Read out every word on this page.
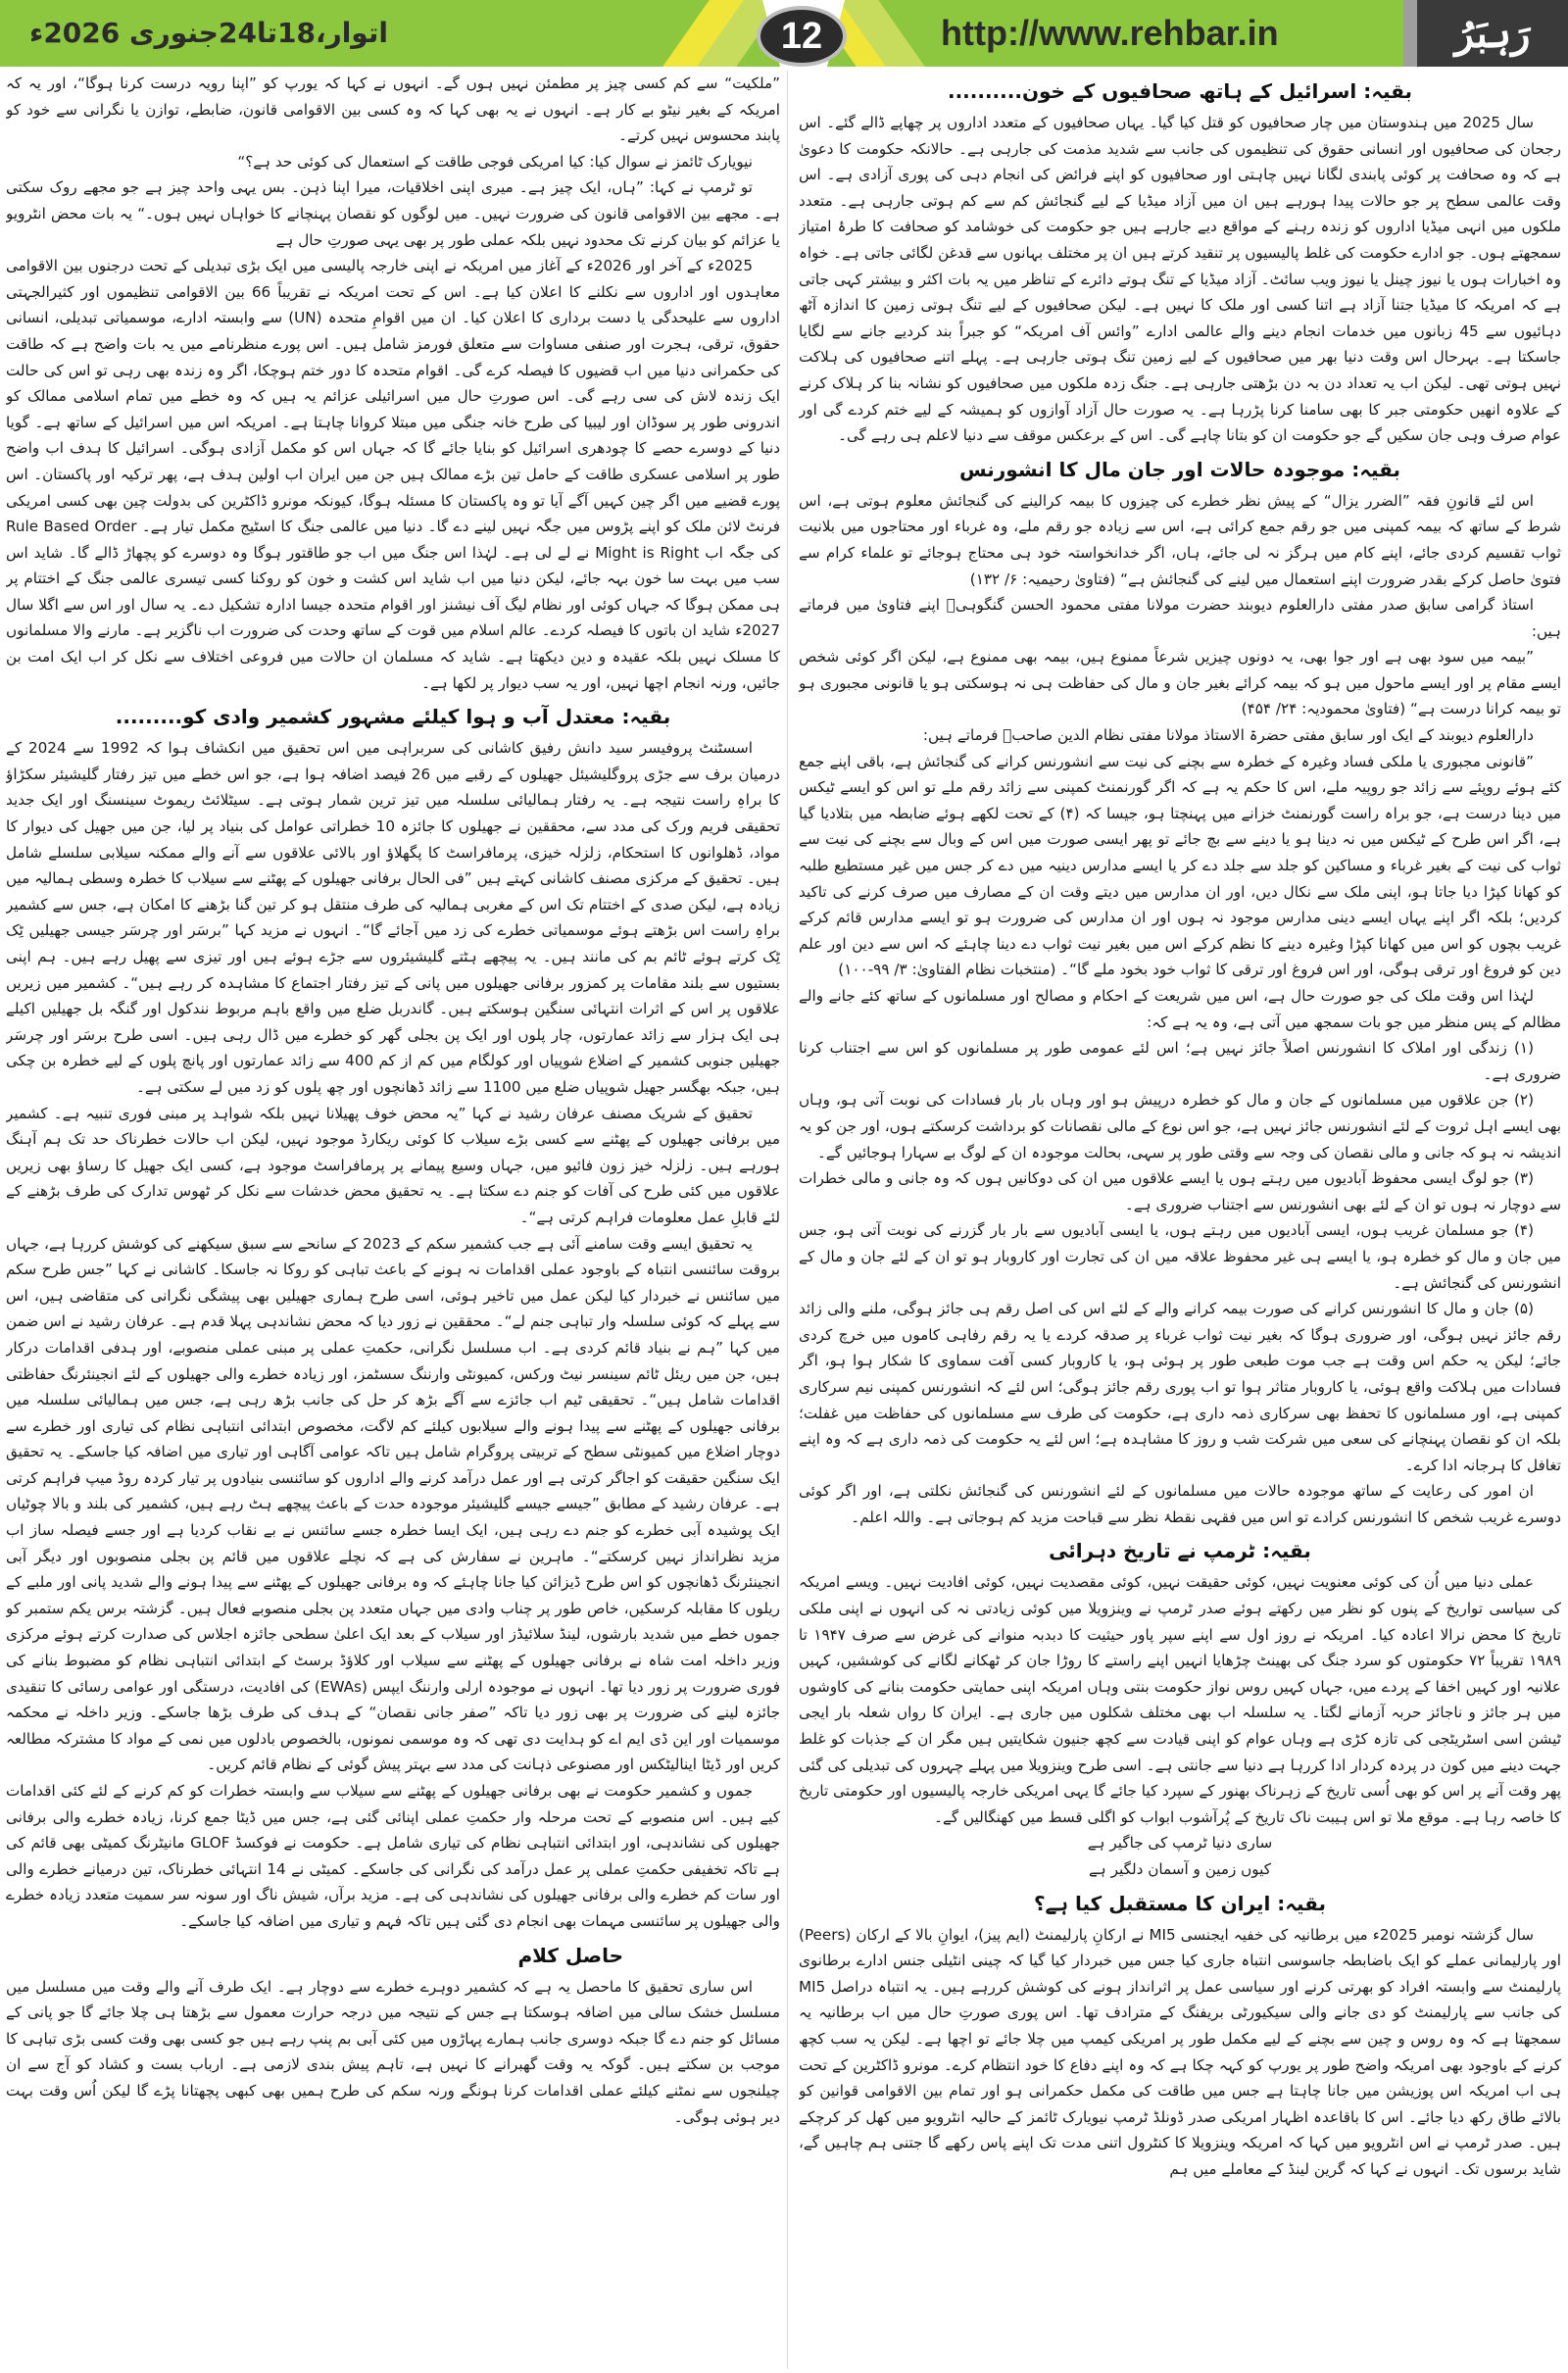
اتوار،18تا24جنوری 2026ء	12	http://www.rehbar.in	رَہبَرُ
بقیہ: اسرائیل کے ہاتھ صحافیوں کے خون..........

سال 2025 میں ہندوستان میں چار صحافیوں کو قتل کیا گیا۔ یہاں صحافیوں کے متعدد اداروں پر چھاپے ڈالے گئے۔ اس رجحان کی صحافیوں اور انسانی حقوق کی تنظیموں کی جانب سے شدید مذمت کی جارہی ہے۔ حالانکہ حکومت کا دعویٰ ہے کہ وہ صحافت پر کوئی پابندی لگانا نہیں چاہتی اور صحافیوں کو اپنے فرائض کی انجام دہی کی پوری آزادی ہے۔ اس وقت عالمی سطح پر جو حالات پیدا ہورہے ہیں ان میں آزاد میڈیا کے لیے گنجائش کم سے کم ہوتی جارہی ہے۔ متعدد ملکوں میں انہی میڈیا اداروں کو زندہ رہنے کے مواقع دیے جارہے ہیں جو حکومت کی خوشامد کو صحافت کا طرۂ امتیاز سمجھتے ہوں۔ جو ادارے حکومت کی غلط پالیسیوں پر تنقید کرتے ہیں ان پر مختلف بہانوں سے قدغن لگائی جاتی ہے۔ خواہ وہ اخبارات ہوں یا نیوز چینل یا نیوز ویب سائٹ۔ آزاد میڈیا کے تنگ ہوتے دائرے کے تناظر میں یہ بات اکثر و بیشتر کہی جاتی ہے کہ امریکہ کا میڈیا جتنا آزاد ہے اتنا کسی اور ملک کا نہیں ہے۔ لیکن صحافیوں کے لیے تنگ ہوتی زمین کا اندازہ آٹھ دہائیوں سے 45 زبانوں میں خدمات انجام دینے والے عالمی ادارے ”وائس آف امریکہ“ کو جبراً بند کردیے جانے سے لگایا جاسکتا ہے۔ بہرحال اس وقت دنیا بھر میں صحافیوں کے لیے زمین تنگ ہوتی جارہی ہے۔ پہلے اتنے صحافیوں کی ہلاکت نہیں ہوتی تھی۔ لیکن اب یہ تعداد دن بہ دن بڑھتی جارہی ہے۔ جنگ زدہ ملکوں میں صحافیوں کو نشانہ بنا کر ہلاک کرنے کے علاوہ انھیں حکومتی جبر کا بھی سامنا کرنا پڑرہا ہے۔ یہ صورت حال آزاد آوازوں کو ہمیشہ کے لیے ختم کردے گی اور عوام صرف وہی جان سکیں گے جو حکومت ان کو بتانا چاہے گی۔ اس کے برعکس موقف سے دنیا لاعلم ہی رہے گی۔

بقیہ: موجودہ حالات اور جان مال کا انشورنس

اس لئے قانونِ فقہ ”الضرر یزال“ کے پیش نظر خطرے کی چیزوں کا بیمہ کرالینے کی گنجائش معلوم ہوتی ہے، اس شرط کے ساتھ کہ بیمہ کمپنی میں جو رقم جمع کرائی ہے، اس سے زیادہ جو رقم ملے، وہ غرباء اور محتاجوں میں بلانیت ثواب تقسیم کردی جائے، اپنے کام میں ہرگز نہ لی جائے، ہاں، اگر خدانخواستہ خود ہی محتاج ہوجائے تو علماء کرام سے فتویٰ حاصل کرکے بقدر ضرورت اپنے استعمال میں لینے کی گنجائش ہے“ (فتاویٰ رحیمیہ: ۶/ ۱۳۲)

استاذ گرامی سابق صدر مفتی دارالعلوم دیوبند حضرت مولانا مفتی محمود الحسن گنگوہیؒ اپنے فتاویٰ میں فرماتے ہیں:

”بیمہ میں سود بھی ہے اور جوا بھی، یہ دونوں چیزیں شرعاً ممنوع ہیں، بیمہ بھی ممنوع ہے، لیکن اگر کوئی شخص ایسے مقام پر اور ایسے ماحول میں ہو کہ بیمہ کرائے بغیر جان و مال کی حفاظت ہی نہ ہوسکتی ہو یا قانونی مجبوری ہو تو بیمہ کرانا درست ہے“ (فتاویٰ محمودیہ: ۲۴/ ۴۵۴)

دارالعلوم دیوبند کے ایک اور سابق مفتی حضرۃ الاستاذ مولانا مفتی نظام الدین صاحبؒ فرماتے ہیں:

”قانونی مجبوری یا ملکی فساد وغیرہ کے خطرہ سے بچنے کی نیت سے انشورنس کرانے کی گنجائش ہے، باقی اپنے جمع کئے ہوئے روپئے سے زائد جو روپیہ ملے، اس کا حکم یہ ہے کہ اگر گورنمنٹ کمپنی سے زائد رقم ملے تو اس کو ایسے ٹیکس میں دینا درست ہے، جو براہ راست گورنمنٹ خزانے میں پہنچتا ہو، جیسا کہ (۴) کے تحت لکھے ہوئے ضابطہ میں بتلادیا گیا ہے، اگر اس طرح کے ٹیکس میں نہ دینا ہو یا دینے سے بچ جائے تو پھر ایسی صورت میں اس کے وبال سے بچنے کی نیت سے ثواب کی نیت کے بغیر غرباء و مساکین کو جلد سے جلد دے کر یا ایسے مدارس دینیہ میں دے کر جس میں غیر مستطیع طلبہ کو کھانا کپڑا دیا جاتا ہو، اپنی ملک سے نکال دیں، اور ان مدارس میں دیتے وقت ان کے مصارف میں صرف کرنے کی تاکید کردیں؛ بلکہ اگر اپنے یہاں ایسے دینی مدارس موجود نہ ہوں اور ان مدارس کی ضرورت ہو تو ایسے مدارس قائم کرکے غریب بچوں کو اس میں کھانا کپڑا وغیرہ دینے کا نظم کرکے اس میں بغیر نیت ثواب دے دینا چاہئے کہ اس سے دین اور علم دین کو فروغ اور ترقی ہوگی، اور اس فروغ اور ترقی کا ثواب خود بخود ملے گا“۔ (منتخبات نظام الفتاویٰ: ۳/ ۹۹-۱۰۰)

لہٰذا اس وقت ملک کی جو صورت حال ہے، اس میں شریعت کے احکام و مصالح اور مسلمانوں کے ساتھ کئے جانے والے مظالم کے پس منظر میں جو بات سمجھ میں آتی ہے، وہ یہ ہے کہ:

(۱) زندگی اور املاک کا انشورنس اصلاً جائز نہیں ہے؛ اس لئے عمومی طور پر مسلمانوں کو اس سے اجتناب کرنا ضروری ہے۔

(۲) جن علاقوں میں مسلمانوں کے جان و مال کو خطرہ درپیش ہو اور وہاں بار بار فسادات کی نوبت آتی ہو، وہاں بھی ایسے اہل ثروت کے لئے انشورنس جائز نہیں ہے، جو اس نوع کے مالی نقصانات کو برداشت کرسکتے ہوں، اور جن کو یہ اندیشہ نہ ہو کہ جانی و مالی نقصان کی وجہ سے وقتی طور پر سہی، بحالت موجودہ ان کے لوگ بے سہارا ہوجائیں گے۔

(۳) جو لوگ ایسی محفوظ آبادیوں میں رہتے ہوں یا ایسے علاقوں میں ان کی دوکانیں ہوں کہ وہ جانی و مالی خطرات سے دوچار نہ ہوں تو ان کے لئے بھی انشورنس سے اجتناب ضروری ہے۔

(۴) جو مسلمان غریب ہوں، ایسی آبادیوں میں رہتے ہوں، یا ایسی آبادیوں سے بار بار گزرنے کی نوبت آتی ہو، جس میں جان و مال کو خطرہ ہو، یا ایسے ہی غیر محفوظ علاقہ میں ان کی تجارت اور کاروبار ہو تو ان کے لئے جان و مال کے انشورنس کی گنجائش ہے۔

(۵) جان و مال کا انشورنس کرانے کی صورت بیمہ کرانے والے کے لئے اس کی اصل رقم ہی جائز ہوگی، ملنے والی زائد رقم جائز نہیں ہوگی، اور ضروری ہوگا کہ بغیر نیت ثواب غرباء پر صدقہ کردے یا یہ رقم رفاہی کاموں میں خرچ کردی جائے؛ لیکن یہ حکم اس وقت ہے جب موت طبعی طور پر ہوئی ہو، یا کاروبار کسی آفت سماوی کا شکار ہوا ہو، اگر فسادات میں ہلاکت واقع ہوئی، یا کاروبار متاثر ہوا تو اب پوری رقم جائز ہوگی؛ اس لئے کہ انشورنس کمپنی نیم سرکاری کمپنی ہے، اور مسلمانوں کا تحفظ بھی سرکاری ذمہ داری ہے، حکومت کی طرف سے مسلمانوں کی حفاظت میں غفلت؛ بلکہ ان کو نقصان پہنچانے کی سعی میں شرکت شب و روز کا مشاہدہ ہے؛ اس لئے یہ حکومت کی ذمہ داری ہے کہ وہ اپنے تغافل کا ہرجانہ ادا کرے۔

ان امور کی رعایت کے ساتھ موجودہ حالات میں مسلمانوں کے لئے انشورنس کی گنجائش نکلتی ہے، اور اگر کوئی دوسرے غریب شخص کا انشورنس کرادے تو اس میں فقہی نقطۂ نظر سے قباحت مزید کم ہوجاتی ہے۔ واللہ اعلم۔

بقیہ: ٹرمپ نے تاریخ دہرائی

عملی دنیا میں اُن کی کوئی معنویت نہیں، کوئی حقیقت نہیں، کوئی مقصدیت نہیں، کوئی افادیت نہیں۔ ویسے امریکہ کی سیاسی تواریخ کے پنوں کو نظر میں رکھتے ہوئے صدر ٹرمپ نے وینزویلا میں کوئی زیادتی نہ کی انہوں نے اپنی ملکی تاریخ کا محض نرالا اعادہ کیا۔ امریکہ نے روز اول سے اپنے سپر پاور حیثیت کا دبدبہ منوانے کی غرض سے صرف ۱۹۴۷ تا ۱۹۸۹ تقریباً ۷۲ حکومتوں کو سرد جنگ کی بھینٹ چڑھایا انہیں اپنے راستے کا روڑا جان کر ٹھکانے لگانے کی کوششیں، کہیں علانیہ اور کہیں اخفا کے پردے میں، جہاں کہیں روس نواز حکومت بنتی وہاں امریکہ اپنی حمایتی حکومت بنانے کی کاوشوں میں ہر جائز و ناجائز حربہ آزمانے لگتا۔ یہ سلسلہ اب بھی مختلف شکلوں میں جاری ہے۔ ایران کا رواں شعلہ بار ایجی ٹیشن اسی اسٹریٹجی کی تازہ کڑی ہے وہاں عوام کو اپنی قیادت سے کچھ جنیون شکایتیں ہیں مگر ان کے جذبات کو غلط جہت دینے میں کون در پردہ کردار ادا کررہا ہے دنیا سے جانتی ہے۔ اسی طرح وینزویلا میں پہلے چہروں کی تبدیلی کی گئی پھر وقت آنے پر اس کو بھی اُسی تاریخ کے زہرناک بھنور کے سپرد کیا جائے گا یہی امریکی خارجہ پالیسیوں اور حکومتی تاریخ کا خاصہ رہا ہے۔ موقع ملا تو اس ہیبت ناک تاریخ کے پُرآشوب ابواب کو اگلی قسط میں کھنگالیں گے۔

ساری دنیا ٹرمپ کی جاگیر ہے

کیوں زمین و آسمان دلگیر ہے

بقیہ: ایران کا مستقبل کیا ہے؟

سال گزشتہ نومبر 2025ء میں برطانیہ کی خفیہ ایجنسی MI5 نے ارکانِ پارلیمنٹ (ایم پیز)، ایوانِ بالا کے ارکان (Peers) اور پارلیمانی عملے کو ایک باضابطہ جاسوسی انتباہ جاری کیا جس میں خبردار کیا گیا کہ چینی انٹیلی جنس ادارے برطانوی پارلیمنٹ سے وابستہ افراد کو بھرتی کرنے اور سیاسی عمل پر اثرانداز ہونے کی کوشش کررہے ہیں۔ یہ انتباہ دراصل MI5 کی جانب سے پارلیمنٹ کو دی جانے والی سیکیورٹی بریفنگ کے مترادف تھا۔ اس پوری صورتِ حال میں اب برطانیہ یہ سمجھتا ہے کہ وہ روس و چین سے بچنے کے لیے مکمل طور پر امریکی کیمپ میں چلا جائے تو اچھا ہے۔ لیکن یہ سب کچھ کرنے کے باوجود بھی امریکہ واضح طور پر یورپ کو کہہ چکا ہے کہ وہ اپنے دفاع کا خود انتظام کرے۔ مونرو ڈاکٹرین کے تحت ہی اب امریکہ اس پوزیشن میں جانا چاہتا ہے جس میں طاقت کی مکمل حکمرانی ہو اور تمام بین الاقوامی قوانین کو بالائے طاق رکھ دیا جائے۔ اس کا باقاعدہ اظہار امریکی صدر ڈونلڈ ٹرمپ نیویارک ٹائمز کے حالیہ انٹرویو میں کھل کر کرچکے ہیں۔ صدر ٹرمپ نے اس انٹرویو میں کہا کہ امریکہ وینزویلا کا کنٹرول اتنی مدت تک اپنے پاس رکھے گا جتنی ہم چاہیں گے، شاید برسوں تک۔ انہوں نے کہا کہ گرین لینڈ کے معاملے میں ہم

”ملکیت“ سے کم کسی چیز پر مطمئن نہیں ہوں گے۔ انہوں نے کہا کہ یورپ کو ”اپنا رویہ درست کرنا ہوگا“، اور یہ کہ امریکہ کے بغیر نیٹو بے کار ہے۔ انہوں نے یہ بھی کہا کہ وہ کسی بین الاقوامی قانون، ضابطے، توازن یا نگرانی سے خود کو پابند محسوس نہیں کرتے۔

نیویارک ٹائمز نے سوال کیا: کیا امریکی فوجی طاقت کے استعمال کی کوئی حد ہے؟“

تو ٹرمپ نے کہا: ”ہاں، ایک چیز ہے۔ میری اپنی اخلاقیات، میرا اپنا ذہن۔ بس یہی واحد چیز ہے جو مجھے روک سکتی ہے۔ مجھے بین الاقوامی قانون کی ضرورت نہیں۔ میں لوگوں کو نقصان پہنچانے کا خواہاں نہیں ہوں۔“ یہ بات محض انٹرویو یا عزائم کو بیان کرنے تک محدود نہیں بلکہ عملی طور پر بھی یہی صورتِ حال ہے

2025ء کے آخر اور 2026ء کے آغاز میں امریکہ نے اپنی خارجہ پالیسی میں ایک بڑی تبدیلی کے تحت درجنوں بین الاقوامی معاہدوں اور اداروں سے نکلنے کا اعلان کیا ہے۔ اس کے تحت امریکہ نے تقریباً 66 بین الاقوامی تنظیموں اور کثیرالجہتی اداروں سے علیحدگی یا دست برداری کا اعلان کیا۔ ان میں اقوامِ متحدہ (UN) سے وابستہ ادارے، موسمیاتی تبدیلی، انسانی حقوق، ترقی، ہجرت اور صنفی مساوات سے متعلق فورمز شامل ہیں۔ اس پورے منظرنامے میں یہ بات واضح ہے کہ طاقت کی حکمرانی دنیا میں اب قضیوں کا فیصلہ کرے گی۔ اقوام متحدہ کا دور ختم ہوچکا، اگر وہ زندہ بھی رہی تو اس کی حالت ایک زندہ لاش کی سی رہے گی۔ اس صورتِ حال میں اسرائیلی عزائم یہ ہیں کہ وہ خطے میں تمام اسلامی ممالک کو اندرونی طور پر سوڈان اور لیبیا کی طرح خانہ جنگی میں مبتلا کروانا چاہتا ہے۔ امریکہ اس میں اسرائیل کے ساتھ ہے۔ گویا دنیا کے دوسرے حصے کا چودھری اسرائیل کو بنایا جائے گا کہ جہاں اس کو مکمل آزادی ہوگی۔ اسرائیل کا ہدف اب واضح طور پر اسلامی عسکری طاقت کے حامل تین بڑے ممالک ہیں جن میں ایران اب اولین ہدف ہے، پھر ترکیہ اور پاکستان۔ اس پورے قضیے میں اگر چین کہیں آگے آیا تو وہ پاکستان کا مسئلہ ہوگا، کیونکہ مونرو ڈاکٹرین کی بدولت چین بھی کسی امریکی فرنٹ لائن ملک کو اپنے پڑوس میں جگہ نہیں لینے دے گا۔ دنیا میں عالمی جنگ کا اسٹیج مکمل تیار ہے۔ Rule Based Order کی جگہ اب Might is Right نے لے لی ہے۔ لہٰذا اس جنگ میں اب جو طاقتور ہوگا وہ دوسرے کو پچھاڑ ڈالے گا۔ شاید اس سب میں بہت سا خون بہہ جائے، لیکن دنیا میں اب شاید اس کشت و خون کو روکنا کسی تیسری عالمی جنگ کے اختتام پر ہی ممکن ہوگا کہ جہاں کوئی اور نظام لیگ آف نیشنز اور اقوام متحدہ جیسا ادارہ تشکیل دے۔ یہ سال اور اس سے اگلا سال 2027ء شاید ان باتوں کا فیصلہ کردے۔ عالم اسلام میں قوت کے ساتھ وحدت کی ضرورت اب ناگزیر ہے۔ مارنے والا مسلمانوں کا مسلک نہیں بلکہ عقیدہ و دین دیکھتا ہے۔ شاید کہ مسلمان ان حالات میں فروعی اختلاف سے نکل کر اب ایک امت بن جائیں، ورنہ انجام اچھا نہیں، اور یہ سب دیوار پر لکھا ہے۔

بقیہ: معتدل آب و ہوا کیلئے مشہور کشمیر وادی کو.........

اسسٹنٹ پروفیسر سید دانش رفیق کاشانی کی سربراہی میں اس تحقیق میں انکشاف ہوا کہ 1992 سے 2024 کے درمیان برف سے جڑی پروگلیشیئل جھیلوں کے رقبے میں 26 فیصد اضافہ ہوا ہے، جو اس خطے میں تیز رفتار گلیشیئر سکڑاؤ کا براہِ راست نتیجہ ہے۔ یہ رفتار ہمالیائی سلسلہ میں تیز ترین شمار ہوتی ہے۔ سیٹلائٹ ریموٹ سینسنگ اور ایک جدید تحقیقی فریم ورک کی مدد سے، محققین نے جھیلوں کا جائزہ 10 خطراتی عوامل کی بنیاد پر لیا، جن میں جھیل کی دیوار کا مواد، ڈھلوانوں کا استحکام، زلزلہ خیزی، پرمافراسٹ کا پگھلاؤ اور بالائی علاقوں سے آنے والے ممکنہ سیلابی سلسلے شامل ہیں۔ تحقیق کے مرکزی مصنف کاشانی کہتے ہیں ”فی الحال برفانی جھیلوں کے پھٹنے سے سیلاب کا خطرہ وسطی ہمالیہ میں زیادہ ہے، لیکن صدی کے اختتام تک اس کے مغربی ہمالیہ کی طرف منتقل ہو کر تین گنا بڑھنے کا امکان ہے، جس سے کشمیر براہِ راست اس بڑھتے ہوئے موسمیاتی خطرے کی زد میں آجائے گا“۔ انہوں نے مزید کہا ”برسَر اور چرسَر جیسی جھیلیں ٹِک ٹِک کرتے ہوئے ٹائم بم کی مانند ہیں۔ یہ پیچھے ہٹتے گلیشیئروں سے جڑے ہوئے ہیں اور تیزی سے پھیل رہے ہیں۔ ہم اپنی بستیوں سے بلند مقامات پر کمزور برفانی جھیلوں میں پانی کے تیز رفتار اجتماع کا مشاہدہ کر رہے ہیں“۔ کشمیر میں زیریں علاقوں پر اس کے اثرات انتہائی سنگین ہوسکتے ہیں۔ گاندربل ضلع میں واقع باہم مربوط نندکول اور گنگہ بل جھیلیں اکیلے ہی ایک ہزار سے زائد عمارتوں، چار پلوں اور ایک پن بجلی گھر کو خطرے میں ڈال رہی ہیں۔ اسی طرح برسَر اور چرسَر جھیلیں جنوبی کشمیر کے اضلاع شوپیاں اور کولگام میں کم از کم 400 سے زائد عمارتوں اور پانچ پلوں کے لیے خطرہ بن چکی ہیں، جبکہ بھگسر جھیل شوپیاں ضلع میں 1100 سے زائد ڈھانچوں اور چھ پلوں کو زد میں لے سکتی ہے۔

تحقیق کے شریک مصنف عرفان رشید نے کہا ”یہ محض خوف پھیلانا نہیں بلکہ شواہد پر مبنی فوری تنبیہ ہے۔ کشمیر میں برفانی جھیلوں کے پھٹنے سے کسی بڑے سیلاب کا کوئی ریکارڈ موجود نہیں، لیکن اب حالات خطرناک حد تک ہم آہنگ ہورہے ہیں۔ زلزلہ خیز زون فائیو میں، جہاں وسیع پیمانے پر پرمافراسٹ موجود ہے، کسی ایک جھیل کا رساؤ بھی زیریں علاقوں میں کئی طرح کی آفات کو جنم دے سکتا ہے۔ یہ تحقیق محض خدشات سے نکل کر ٹھوس تدارک کی طرف بڑھنے کے لئے قابلِ عمل معلومات فراہم کرتی ہے“۔

یہ تحقیق ایسے وقت سامنے آئی ہے جب کشمیر سکم کے 2023 کے سانحے سے سبق سیکھنے کی کوشش کررہا ہے، جہاں بروقت سائنسی انتباہ کے باوجود عملی اقدامات نہ ہونے کے باعث تباہی کو روکا نہ جاسکا۔ کاشانی نے کہا ”جس طرح سکم میں سائنس نے خبردار کیا لیکن عمل میں تاخیر ہوئی، اسی طرح ہماری جھیلیں بھی پیشگی نگرانی کی متقاضی ہیں، اس سے پہلے کہ کوئی سلسلہ وار تباہی جنم لے“۔ محققین نے زور دیا کہ محض نشاندہی پہلا قدم ہے۔ عرفان رشید نے اس ضمن میں کہا ”ہم نے بنیاد قائم کردی ہے۔ اب مسلسل نگرانی، حکمتِ عملی پر مبنی عملی منصوبے، اور ہدفی اقدامات درکار ہیں، جن میں ریئل ٹائم سینسر نیٹ ورکس، کمیونٹی وارننگ سسٹمز، اور زیادہ خطرے والی جھیلوں کے لئے انجینئرنگ حفاظتی اقدامات شامل ہیں“۔ تحقیقی ٹیم اب جائزے سے آگے بڑھ کر حل کی جانب بڑھ رہی ہے، جس میں ہمالیائی سلسلہ میں برفانی جھیلوں کے پھٹنے سے پیدا ہونے والے سیلابوں کیلئے کم لاگت، مخصوص ابتدائی انتباہی نظام کی تیاری اور خطرے سے دوچار اضلاع میں کمیونٹی سطح کے تربیتی پروگرام شامل ہیں تاکہ عوامی آگاہی اور تیاری میں اضافہ کیا جاسکے۔ یہ تحقیق ایک سنگین حقیقت کو اجاگر کرتی ہے اور عمل درآمد کرنے والے اداروں کو سائنسی بنیادوں پر تیار کردہ روڈ میپ فراہم کرتی ہے۔ عرفان رشید کے مطابق ”جیسے جیسے گلیشیئر موجودہ حدت کے باعث پیچھے ہٹ رہے ہیں، کشمیر کی بلند و بالا چوٹیاں ایک پوشیدہ آبی خطرے کو جنم دے رہی ہیں، ایک ایسا خطرہ جسے سائنس نے بے نقاب کردیا ہے اور جسے فیصلہ ساز اب مزید نظرانداز نہیں کرسکتے“۔ ماہرین نے سفارش کی ہے کہ نچلے علاقوں میں قائم پن بجلی منصوبوں اور دیگر آبی انجینئرنگ ڈھانچوں کو اس طرح ڈیزائن کیا جانا چاہئے کہ وہ برفانی جھیلوں کے پھٹنے سے پیدا ہونے والے شدید پانی اور ملبے کے ریلوں کا مقابلہ کرسکیں، خاص طور پر چناب وادی میں جہاں متعدد پن بجلی منصوبے فعال ہیں۔ گزشتہ برس یکم ستمبر کو جموں خطے میں شدید بارشوں، لینڈ سلائیڈز اور سیلاب کے بعد ایک اعلیٰ سطحی جائزہ اجلاس کی صدارت کرتے ہوئے مرکزی وزیر داخلہ امت شاہ نے برفانی جھیلوں کے پھٹنے سے سیلاب اور کلاؤڈ برسٹ کے ابتدائی انتباہی نظام کو مضبوط بنانے کی فوری ضرورت پر زور دیا تھا۔ انہوں نے موجودہ ارلی وارننگ ایپس (EWAs) کی افادیت، درستگی اور عوامی رسائی کا تنقیدی جائزہ لینے کی ضرورت پر بھی زور دیا تاکہ ”صفر جانی نقصان“ کے ہدف کی طرف بڑھا جاسکے۔ وزیر داخلہ نے محکمہ موسمیات اور این ڈی ایم اے کو ہدایت دی تھی کہ وہ موسمی نمونوں، بالخصوص بادلوں میں نمی کے مواد کا مشترکہ مطالعہ کریں اور ڈیٹا اینالیٹکس اور مصنوعی ذہانت کی مدد سے بہتر پیش گوئی کے نظام قائم کریں۔

جموں و کشمیر حکومت نے بھی برفانی جھیلوں کے پھٹنے سے سیلاب سے وابستہ خطرات کو کم کرنے کے لئے کئی اقدامات کیے ہیں۔ اس منصوبے کے تحت مرحلہ وار حکمتِ عملی اپنائی گئی ہے، جس میں ڈیٹا جمع کرنا، زیادہ خطرے والی برفانی جھیلوں کی نشاندہی، اور ابتدائی انتباہی نظام کی تیاری شامل ہے۔ حکومت نے فوکسڈ GLOF مانیٹرنگ کمیٹی بھی قائم کی ہے تاکہ تخفیفی حکمتِ عملی پر عمل درآمد کی نگرانی کی جاسکے۔ کمیٹی نے 14 انتہائی خطرناک، تین درمیانے خطرے والی اور سات کم خطرے والی برفانی جھیلوں کی نشاندہی کی ہے۔ مزید برآں، شیش ناگ اور سونہ سر سمیت متعدد زیادہ خطرے والی جھیلوں پر سائنسی مہمات بھی انجام دی گئی ہیں تاکہ فہم و تیاری میں اضافہ کیا جاسکے۔

حاصل کلام

اس ساری تحقیق کا ماحصل یہ ہے کہ کشمیر دوہرے خطرے سے دوچار ہے۔ ایک طرف آنے والے وقت میں مسلسل میں مسلسل خشک سالی میں اضافہ ہوسکتا ہے جس کے نتیجہ میں درجہ حرارت معمول سے بڑھتا ہی چلا جائے گا جو پانی کے مسائل کو جنم دے گا جبکہ دوسری جانب ہمارے پہاڑوں میں کئی آبی بم پنپ رہے ہیں جو کسی بھی وقت کسی بڑی تباہی کا موجب بن سکتے ہیں۔ گوکہ یہ وقت گھبرانے کا نہیں ہے، تاہم پیش بندی لازمی ہے۔ ارباب بست و کشاد کو آج سے ان چیلنجوں سے نمٹنے کیلئے عملی اقدامات کرنا ہونگے ورنہ سکم کی طرح ہمیں بھی کبھی پچھتانا پڑے گا لیکن اُس وقت بہت دیر ہوئی ہوگی۔
